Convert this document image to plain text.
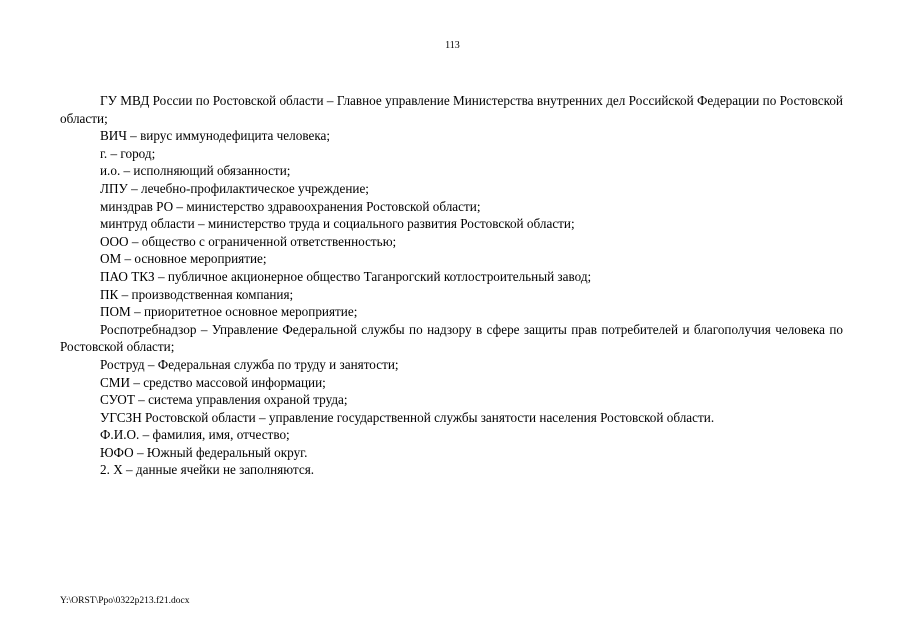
113

ГУ МВД России по Ростовской области – Главное управление Министерства внутренних дел Российской Федерации по Ростовской области;

ВИЧ – вирус иммунодефицита человека;

г. – город;

и.о. – исполняющий обязанности;

ЛПУ – лечебно-профилактическое учреждение;

минздрав РО – министерство здравоохранения Ростовской области;

минтруд области – министерство труда и социального развития Ростовской области;

ООО – общество с ограниченной ответственностью;

ОМ – основное мероприятие;

ПАО ТКЗ – публичное акционерное общество Таганрогский котлостроительный завод;

ПК – производственная компания;

ПОМ – приоритетное основное мероприятие;

Роспотребнадзор – Управление Федеральной службы по надзору в сфере защиты прав потребителей и благополучия человека по Ростовской области;

Роструд – Федеральная служба по труду и занятости;

СМИ – средство массовой информации;

СУОТ – система управления охраной труда;

УГСЗН Ростовской области – управление государственной службы занятости населения Ростовской области.

Ф.И.О. – фамилия, имя, отчество;

ЮФО – Южный федеральный округ.

2. Х – данные ячейки не заполняются.

Y:\ORST\Ppo\0322p213.f21.docx
